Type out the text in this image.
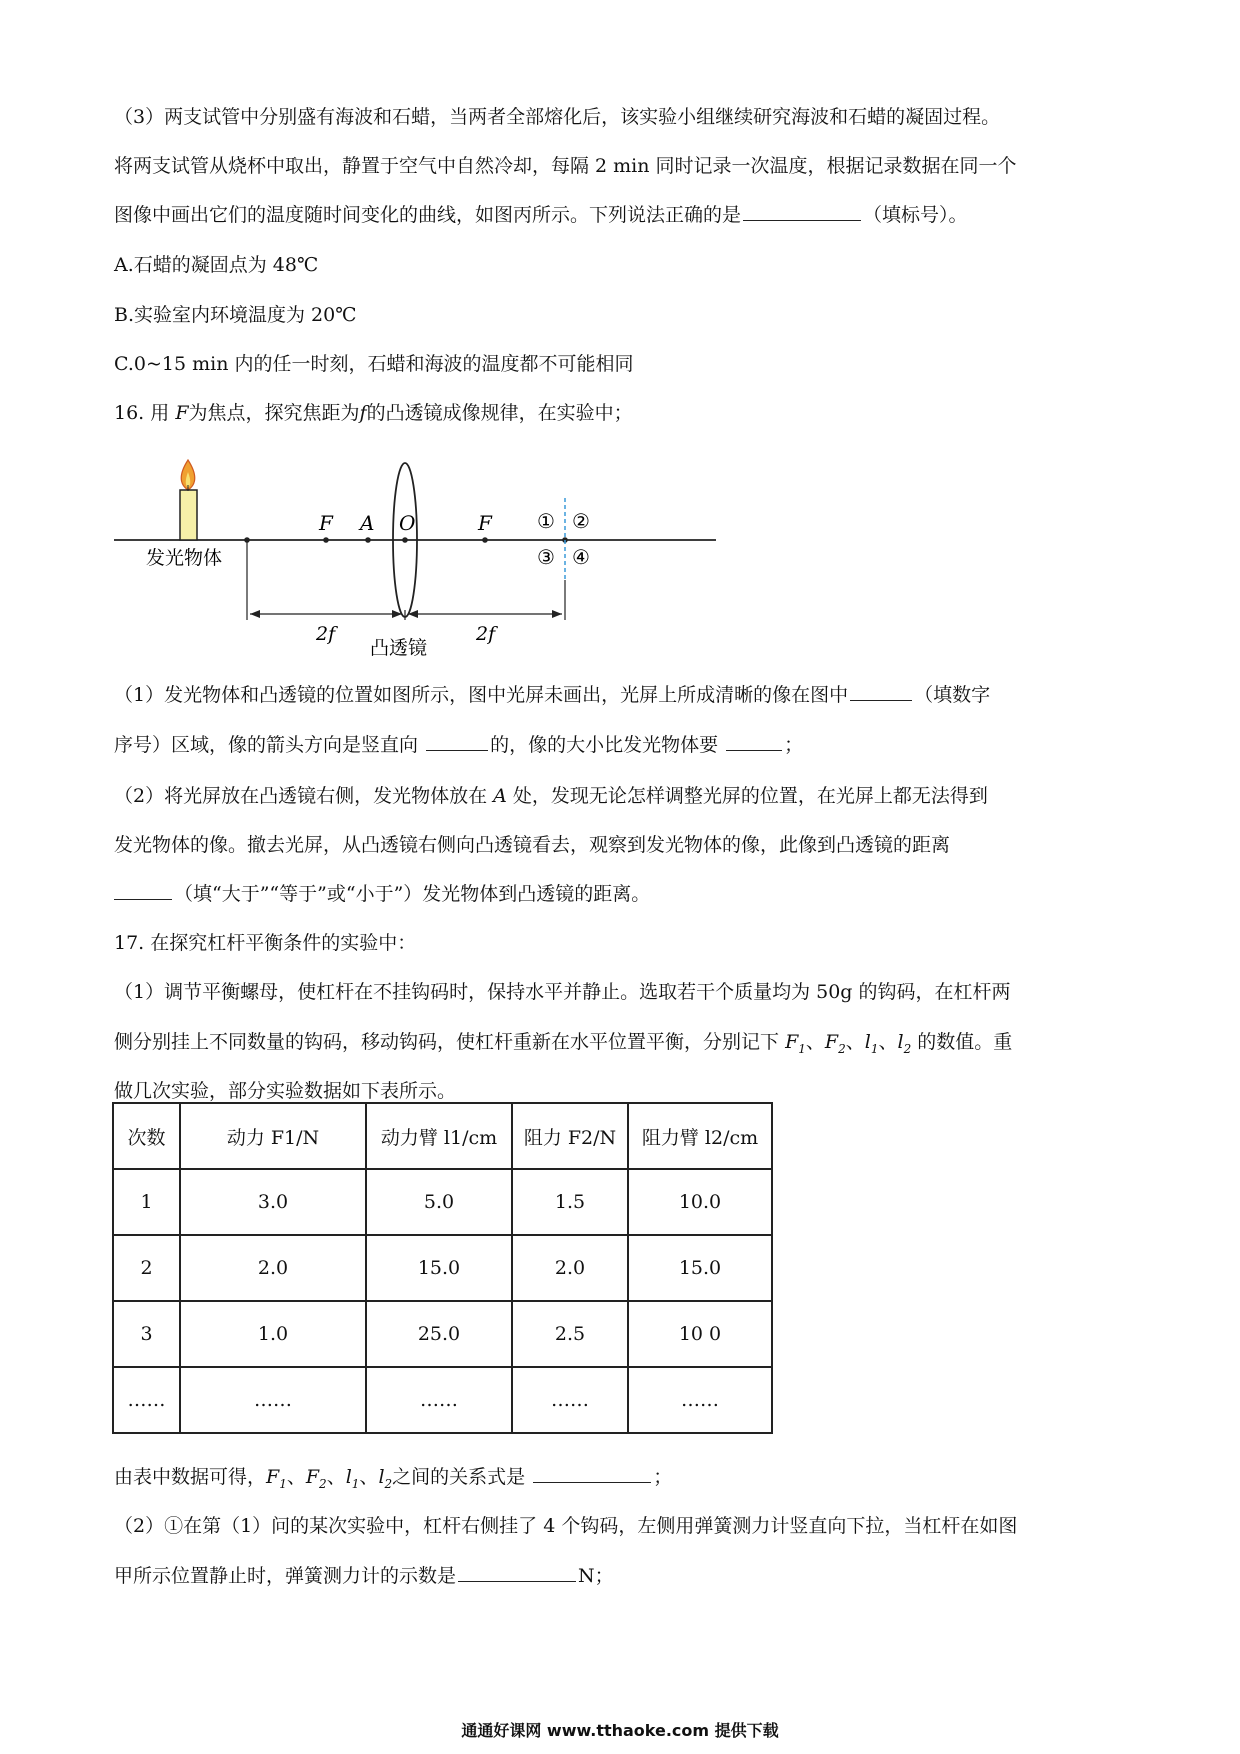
（3）两支试管中分别盛有海波和石蜡，当两者全部熔化后，该实验小组继续研究海波和石蜡的凝固过程。
将两支试管从烧杯中取出，静置于空气中自然冷却，每隔 2 min 同时记录一次温度，根据记录数据在同一个
图像中画出它们的温度随时间变化的曲线，如图丙所示。下列说法正确的是	（填标号）。
A.石蜡的凝固点为 48℃
B.实验室内环境温度为 20℃
C.0~15 min 内的任一时刻，石蜡和海波的温度都不可能相同
16. 用 F为焦点，探究焦距为f的凸透镜成像规律，在实验中；
发光物体
F A O	F ① ②
③ ④
2f	2f
凸透镜
（1）发光物体和凸透镜的位置如图所示，图中光屏未画出，光屏上所成清晰的像在图中	（填数字
序号）区域，像的箭头方向是竖直向	的，像的大小比发光物体要	；
（2）将光屏放在凸透镜右侧，发光物体放在 A 处，发现无论怎样调整光屏的位置，在光屏上都无法得到
发光物体的像。撤去光屏，从凸透镜右侧向凸透镜看去，观察到发光物体的像，此像到凸透镜的距离
（填“大于”“等于”或“小于”）发光物体到凸透镜的距离。
17. 在探究杠杆平衡条件的实验中：
（1）调节平衡螺母，使杠杆在不挂钩码时，保持水平并静止。选取若干个质量均为 50g 的钩码，在杠杆两
侧分别挂上不同数量的钩码，移动钩码，使杠杆重新在水平位置平衡，分别记下 $F_1$、$F_2$、$l_1$、$l_2$ 的数值。重
做几次实验，部分实验数据如下表所示。
次数	动力 F1/N	动力臂 l1/cm	阻力 F2/N	阻力臂 l2/cm
1	3.0	5.0	1.5	10.0
2	2.0	15.0	2.0	15.0
3	1.0	25.0	2.5	10 0
……	……	……	……	……
由表中数据可得，$F_1$、$F_2$、$l_1$、$l_2$之间的关系式是	；
（2）①在第（1）问的某次实验中，杠杆右侧挂了 4 个钩码，左侧用弹簧测力计竖直向下拉，当杠杆在如图
甲所示位置静止时，弹簧测力计的示数是	N；
通通好课网 www.tthaoke.com 提供下载
